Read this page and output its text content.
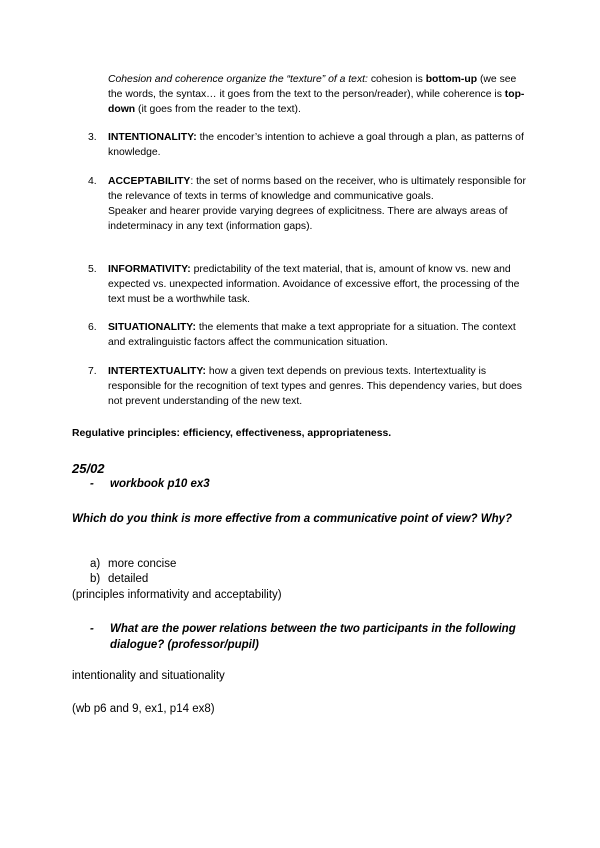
Cohesion and coherence organize the “texture” of a text: cohesion is bottom-up (we see the words, the syntax… it goes from the text to the person/reader), while coherence is top-down (it goes from the reader to the text).
3. INTENTIONALITY: the encoder’s intention to achieve a goal through a plan, as patterns of knowledge.
4. ACCEPTABILITY: the set of norms based on the receiver, who is ultimately responsible for the relevance of texts in terms of knowledge and communicative goals.
Speaker and hearer provide varying degrees of explicitness. There are always areas of indeterminacy in any text (information gaps).
5. INFORMATIVITY: predictability of the text material, that is, amount of know vs. new and expected vs. unexpected information. Avoidance of excessive effort, the processing of the text must be a worthwhile task.
6. SITUATIONALITY: the elements that make a text appropriate for a situation. The context and extralinguistic factors affect the communication situation.
7. INTERTEXTUALITY: how a given text depends on previous texts. Intertextuality is responsible for the recognition of text types and genres. This dependency varies, but does not prevent understanding of the new text.
Regulative principles: efficiency, effectiveness, appropriateness.
25/02
- workbook p10 ex3
Which do you think is more effective from a communicative point of view? Why?
a) more concise
b) detailed
(principles informativity and acceptability)
- What are the power relations between the two participants in the following dialogue? (professor/pupil)
intentionality and situationality
(wb p6 and 9, ex1, p14 ex8)
